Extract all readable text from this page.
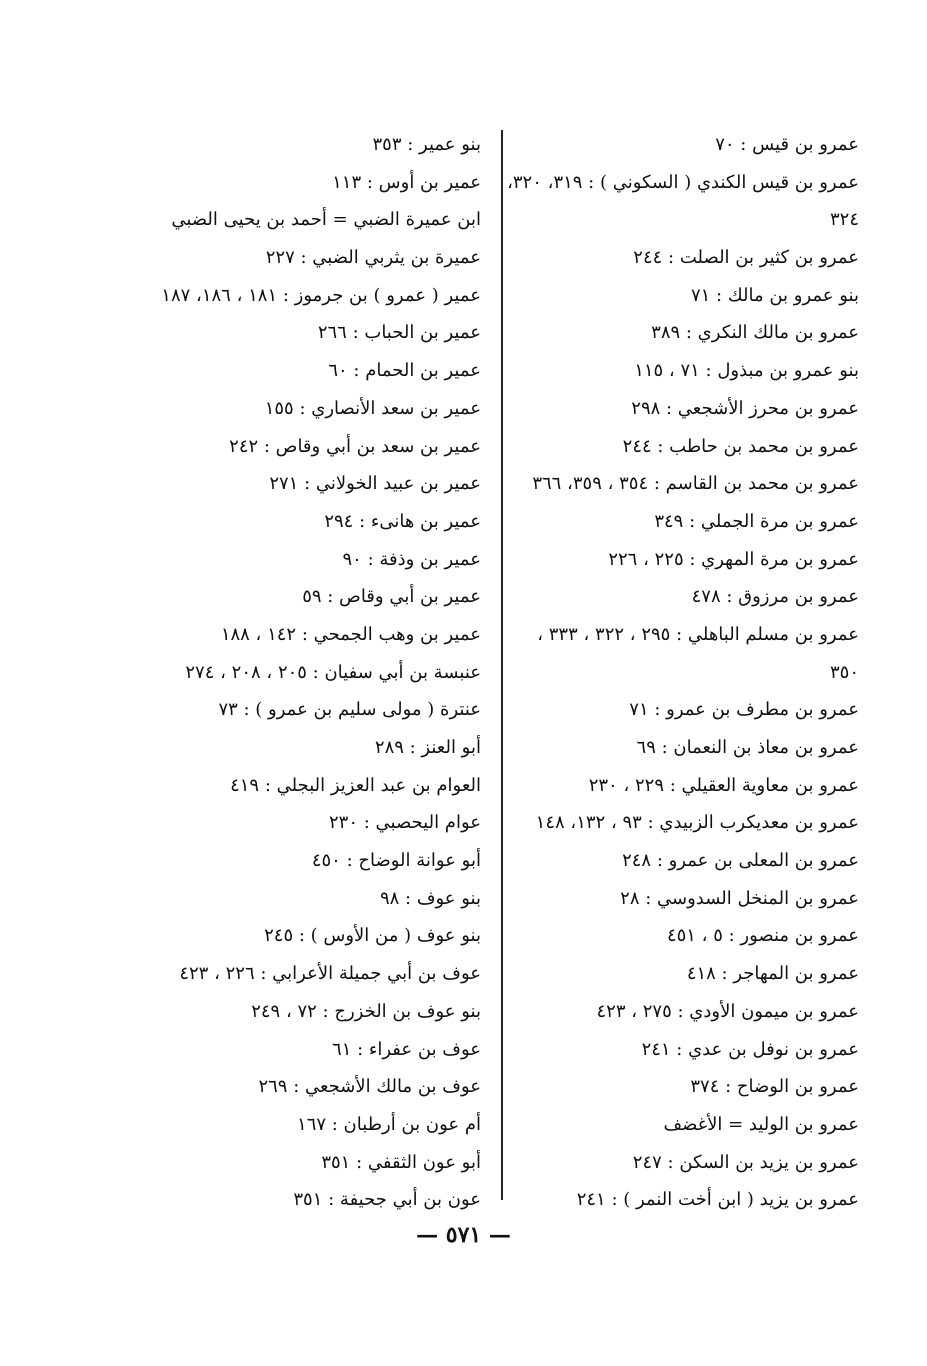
عمرو بن قيس : ٧٠
عمرو بن قيس الكندي ( السكوني ) : ٣١٩، ٣٢٠،
٣٢٤
عمرو بن كثير بن الصلت : ٢٤٤
بنو عمرو بن مالك : ٧١
عمرو بن مالك النكري : ٣٨٩
بنو عمرو بن مبذول : ٧١ ، ١١٥
عمرو بن محرز الأشجعي : ٢٩٨
عمرو بن محمد بن حاطب : ٢٤٤
عمرو بن محمد بن القاسم : ٣٥٤ ، ٣٥٩، ٣٦٦
عمرو بن مرة الجملي : ٣٤٩
عمرو بن مرة المهري : ٢٢٥ ، ٢٢٦
عمرو بن مرزوق : ٤٧٨
عمرو بن مسلم الباهلي : ٢٩٥ ، ٣٢٢ ، ٣٣٣ ،
٣٥٠
عمرو بن مطرف بن عمرو : ٧١
عمرو بن معاذ بن النعمان : ٦٩
عمرو بن معاوية العقيلي : ٢٢٩ ، ٢٣٠
عمرو بن معديكرب الزبيدي : ٩٣ ، ١٣٢، ١٤٨
عمرو بن المعلى بن عمرو : ٢٤٨
عمرو بن المنخل السدوسي : ٢٨
عمرو بن منصور : ٥ ، ٤٥١
عمرو بن المهاجر : ٤١٨
عمرو بن ميمون الأودي : ٢٧٥ ، ٤٢٣
عمرو بن نوفل بن عدي : ٢٤١
عمرو بن الوضاح : ٣٧٤
عمرو بن الوليد = الأغضف
عمرو بن يزيد بن السكن : ٢٤٧
عمرو بن يزيد ( ابن أخت النمر ) : ٢٤١
بنو عمير : ٣٥٣
عمير بن أوس : ١١٣
ابن عميرة الضبي = أحمد بن يحيى الضبي
عميرة بن يثربي الضبي : ٢٢٧
عمير ( عمرو ) بن جرموز : ١٨١ ، ١٨٦، ١٨٧
عمير بن الحباب : ٢٦٦
عمير بن الحمام : ٦٠
عمير بن سعد الأنصاري : ١٥٥
عمير بن سعد بن أبي وقاص : ٢٤٢
عمير بن عبيد الخولاني : ٢٧١
عمير بن هانىء : ٢٩٤
عمير بن وذفة : ٩٠
عمير بن أبي وقاص : ٥٩
عمير بن وهب الجمحي : ١٤٢ ، ١٨٨
عنبسة بن أبي سفيان : ٢٠٥ ، ٢٠٨ ، ٢٧٤
عنترة ( مولى سليم بن عمرو ) : ٧٣
أبو العنز : ٢٨٩
العوام بن عبد العزيز البجلي : ٤١٩
عوام اليحصبي : ٢٣٠
أبو عوانة الوضاح : ٤٥٠
بنو عوف : ٩٨
بنو عوف ( من الأوس ) : ٢٤٥
عوف بن أبي جميلة الأعرابي : ٢٢٦ ، ٤٢٣
بنو عوف بن الخزرج : ٧٢ ، ٢٤٩
عوف بن عفراء : ٦١
عوف بن مالك الأشجعي : ٢٦٩
أم عون بن أرطبان : ١٦٧
أبو عون الثقفي : ٣٥١
عون بن أبي جحيفة : ٣٥١
— ٥٧١ —
